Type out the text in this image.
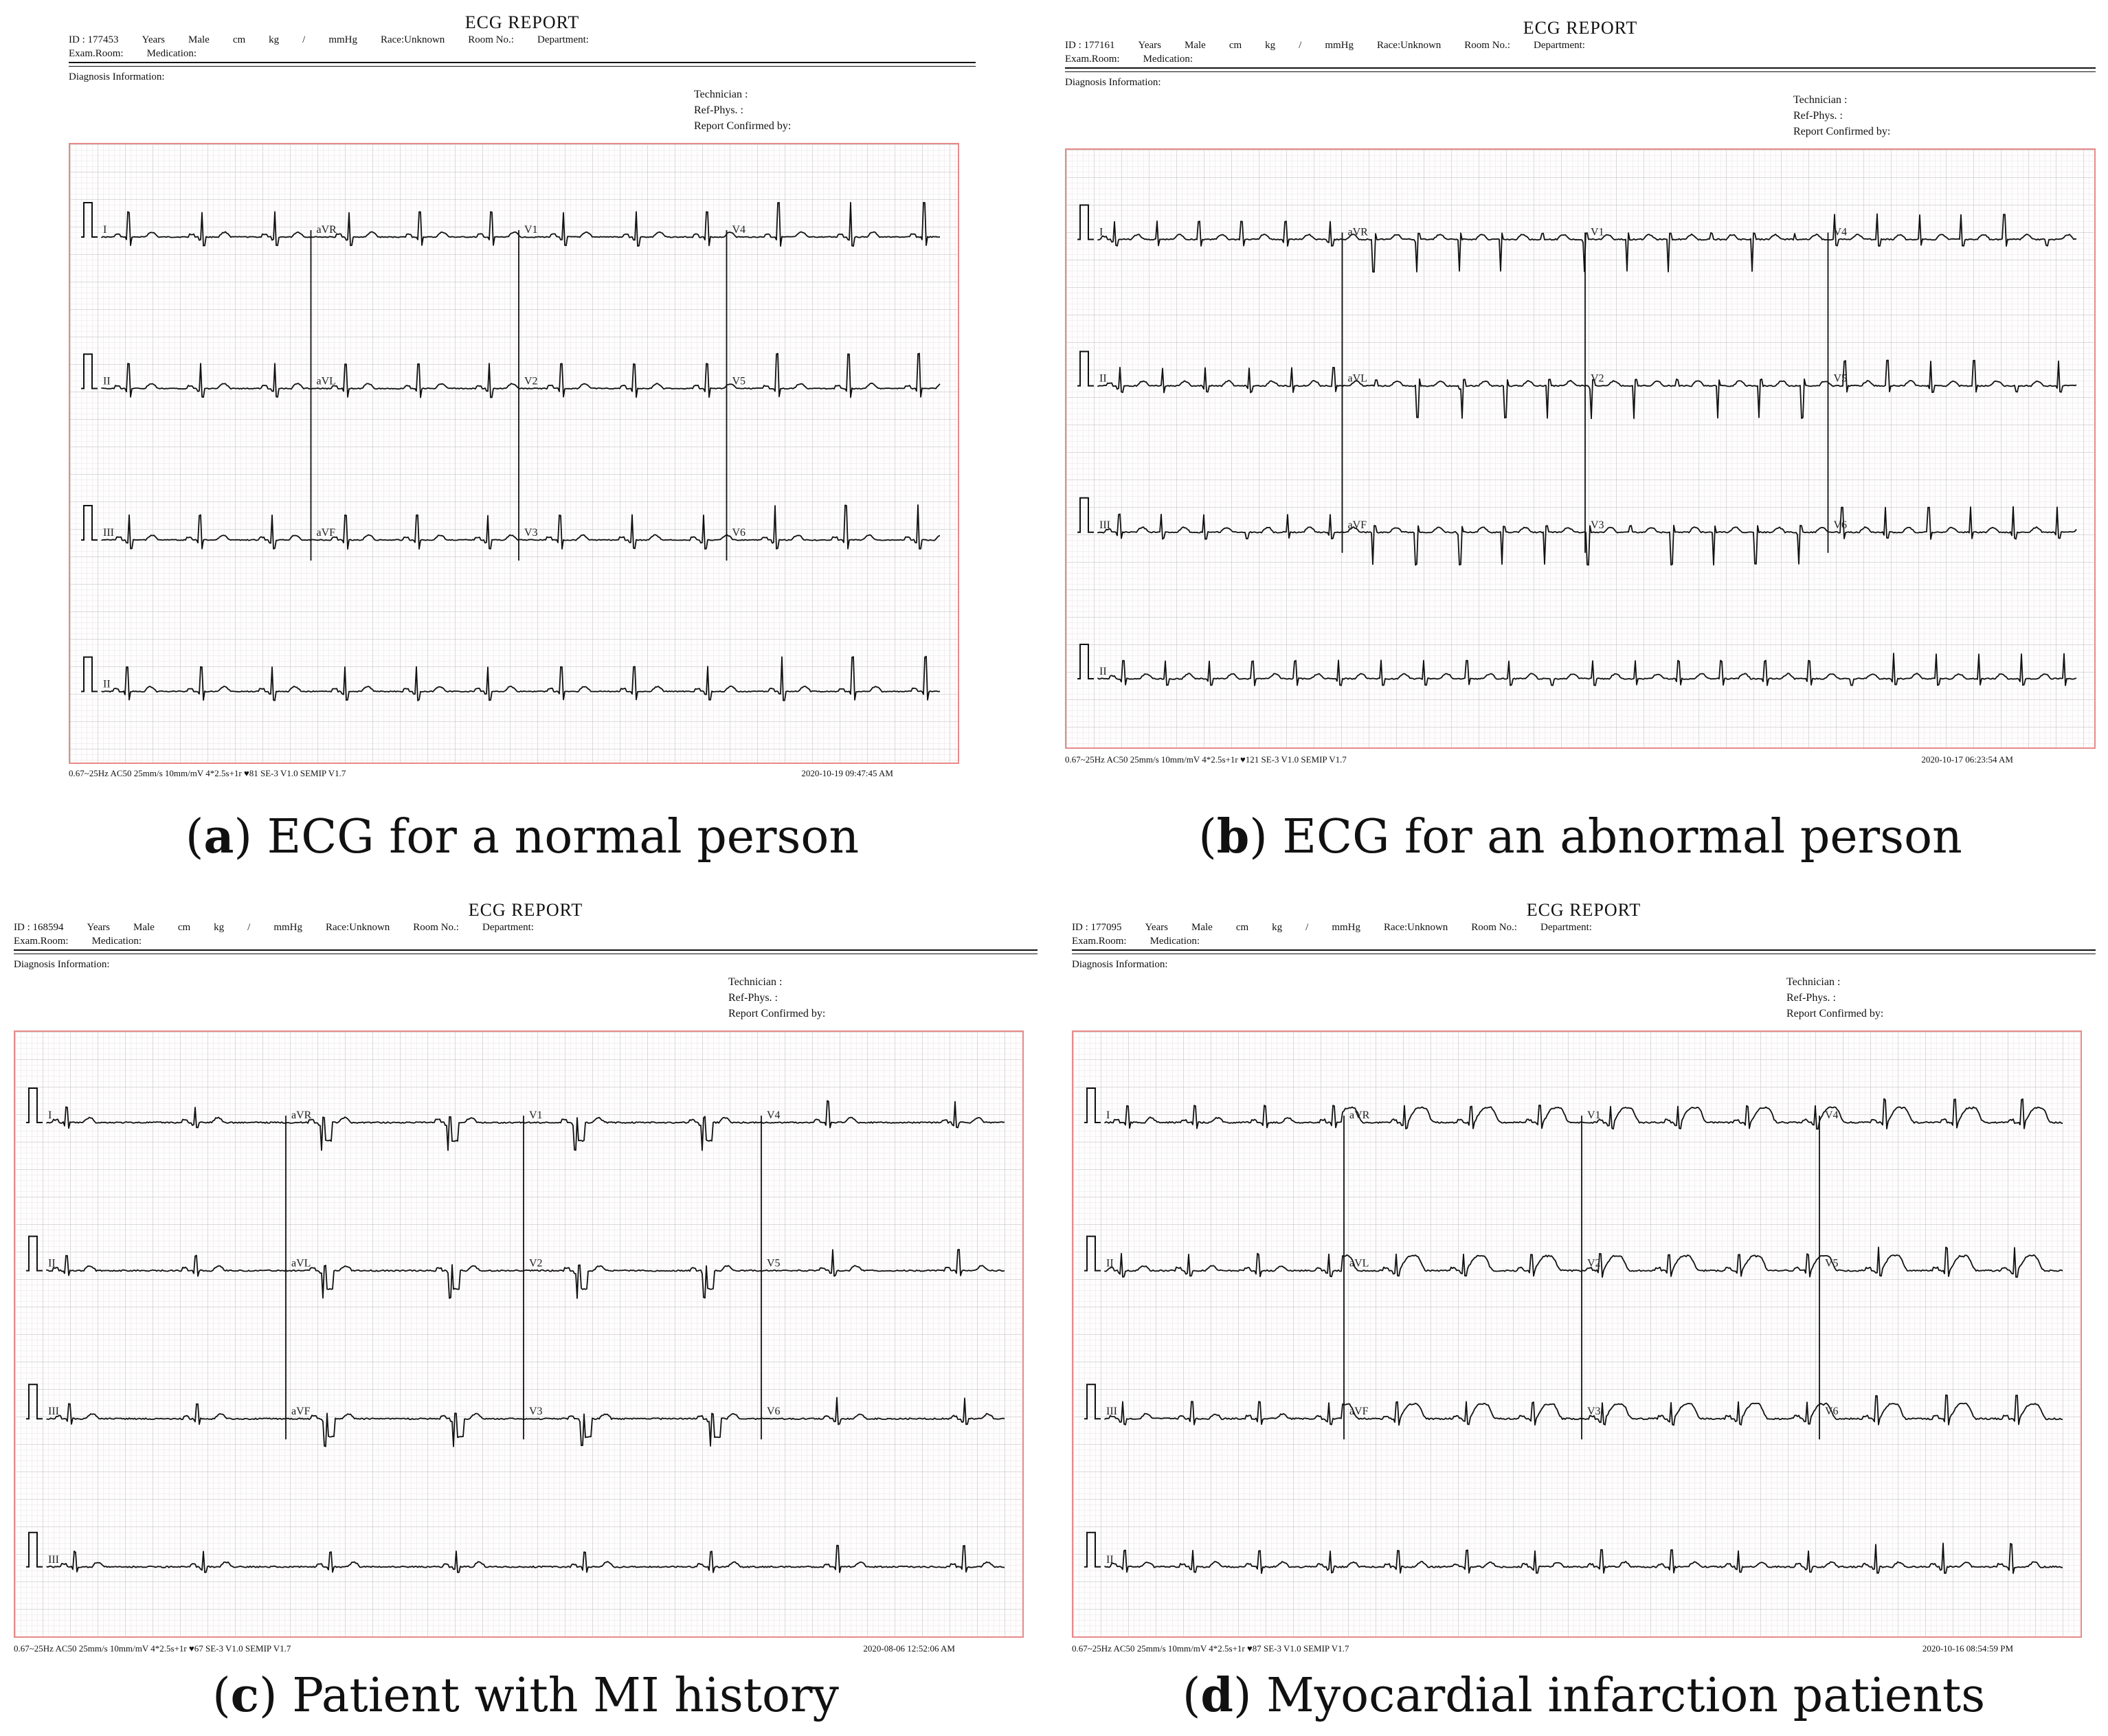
ECG REPORT
ID : 177453 Years Male cm kg / mmHg Race:Unknown Room No.: Department:
Exam.Room: Medication:
Diagnosis Information:
Technician :
Ref-Phys. :
Report Confirmed by:
I	aVR	V1	V4
II	aVL	V2	V5
III	aVF	V3	V6
II
0.67~25Hz AC50 25mm/s 10mm/mV 4*2.5s+1r ♥81 SE-3 V1.0 SEMIP V1.7	2020-10-19 09:47:45 AM
(a) ECG for a normal person
ECG REPORT
ID : 177161 Years Male cm kg / mmHg Race:Unknown Room No.: Department:
Exam.Room: Medication:
Diagnosis Information:
Technician :
Ref-Phys. :
Report Confirmed by:
I	aVR	V1	V4
II	aVL	V2	V5
III	aVF	V3	V6
II
0.67~25Hz AC50 25mm/s 10mm/mV 4*2.5s+1r ♥121 SE-3 V1.0 SEMIP V1.7	2020-10-17 06:23:54 AM
(b) ECG for an abnormal person
ECG REPORT
ID : 168594 Years Male cm kg / mmHg Race:Unknown Room No.: Department:
Exam.Room: Medication:
Diagnosis Information:
Technician :
Ref-Phys. :
Report Confirmed by:
I	aVR	V1	V4
II	aVL	V2	V5
III	aVF	V3	V6
III
0.67~25Hz AC50 25mm/s 10mm/mV 4*2.5s+1r ♥67 SE-3 V1.0 SEMIP V1.7	2020-08-06 12:52:06 AM
(c) Patient with MI history
ECG REPORT
ID : 177095 Years Male cm kg / mmHg Race:Unknown Room No.: Department:
Exam.Room: Medication:
Diagnosis Information:
Technician :
Ref-Phys. :
Report Confirmed by:
I	aVR	V1	V4
II	aVL	V2	V5
III	aVF	V3	V6
II
0.67~25Hz AC50 25mm/s 10mm/mV 4*2.5s+1r ♥87 SE-3 V1.0 SEMIP V1.7	2020-10-16 08:54:59 PM
(d) Myocardial infarction patients
